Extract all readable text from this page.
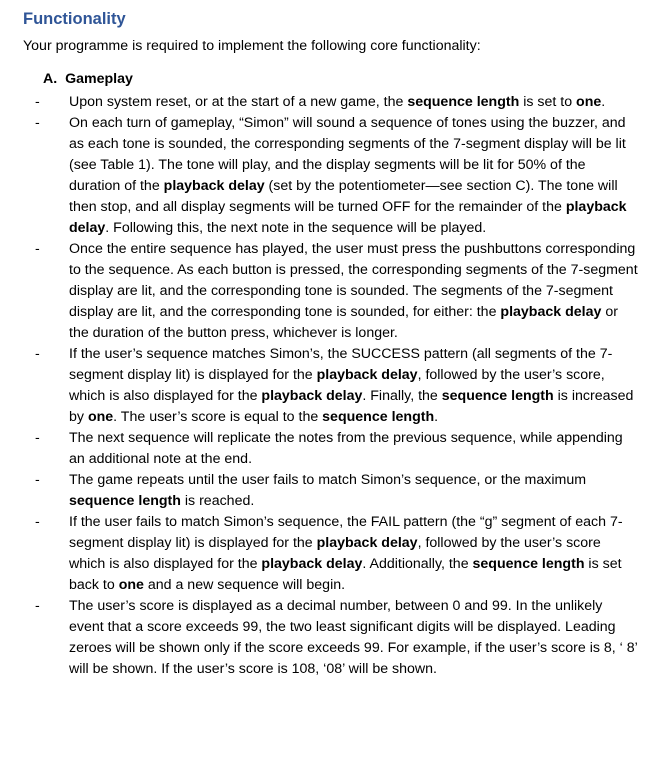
Functionality

Your programme is required to implement the following core functionality:

A. Gameplay
-	Upon system reset, or at the start of a new game, the sequence length is set to one.
-	On each turn of gameplay, “Simon” will sound a sequence of tones using the buzzer, and as each tone is sounded, the corresponding segments of the 7-segment display will be lit (see Table 1). The tone will play, and the display segments will be lit for 50% of the duration of the playback delay (set by the potentiometer—see section C). The tone will then stop, and all display segments will be turned OFF for the remainder of the playback delay. Following this, the next note in the sequence will be played.
-	Once the entire sequence has played, the user must press the pushbuttons corresponding to the sequence. As each button is pressed, the corresponding segments of the 7-segment display are lit, and the corresponding tone is sounded. The segments of the 7-segment display are lit, and the corresponding tone is sounded, for either: the playback delay or the duration of the button press, whichever is longer.
-	If the user’s sequence matches Simon’s, the SUCCESS pattern (all segments of the 7-segment display lit) is displayed for the playback delay, followed by the user’s score, which is also displayed for the playback delay. Finally, the sequence length is increased by one. The user’s score is equal to the sequence length.
-	The next sequence will replicate the notes from the previous sequence, while appending an additional note at the end.
-	The game repeats until the user fails to match Simon’s sequence, or the maximum sequence length is reached.
-	If the user fails to match Simon’s sequence, the FAIL pattern (the “g” segment of each 7-segment display lit) is displayed for the playback delay, followed by the user’s score which is also displayed for the playback delay. Additionally, the sequence length is set back to one and a new sequence will begin.
-	The user’s score is displayed as a decimal number, between 0 and 99. In the unlikely event that a score exceeds 99, the two least significant digits will be displayed. Leading zeroes will be shown only if the score exceeds 99. For example, if the user’s score is 8, ‘ 8’ will be shown. If the user’s score is 108, ‘08’ will be shown.
